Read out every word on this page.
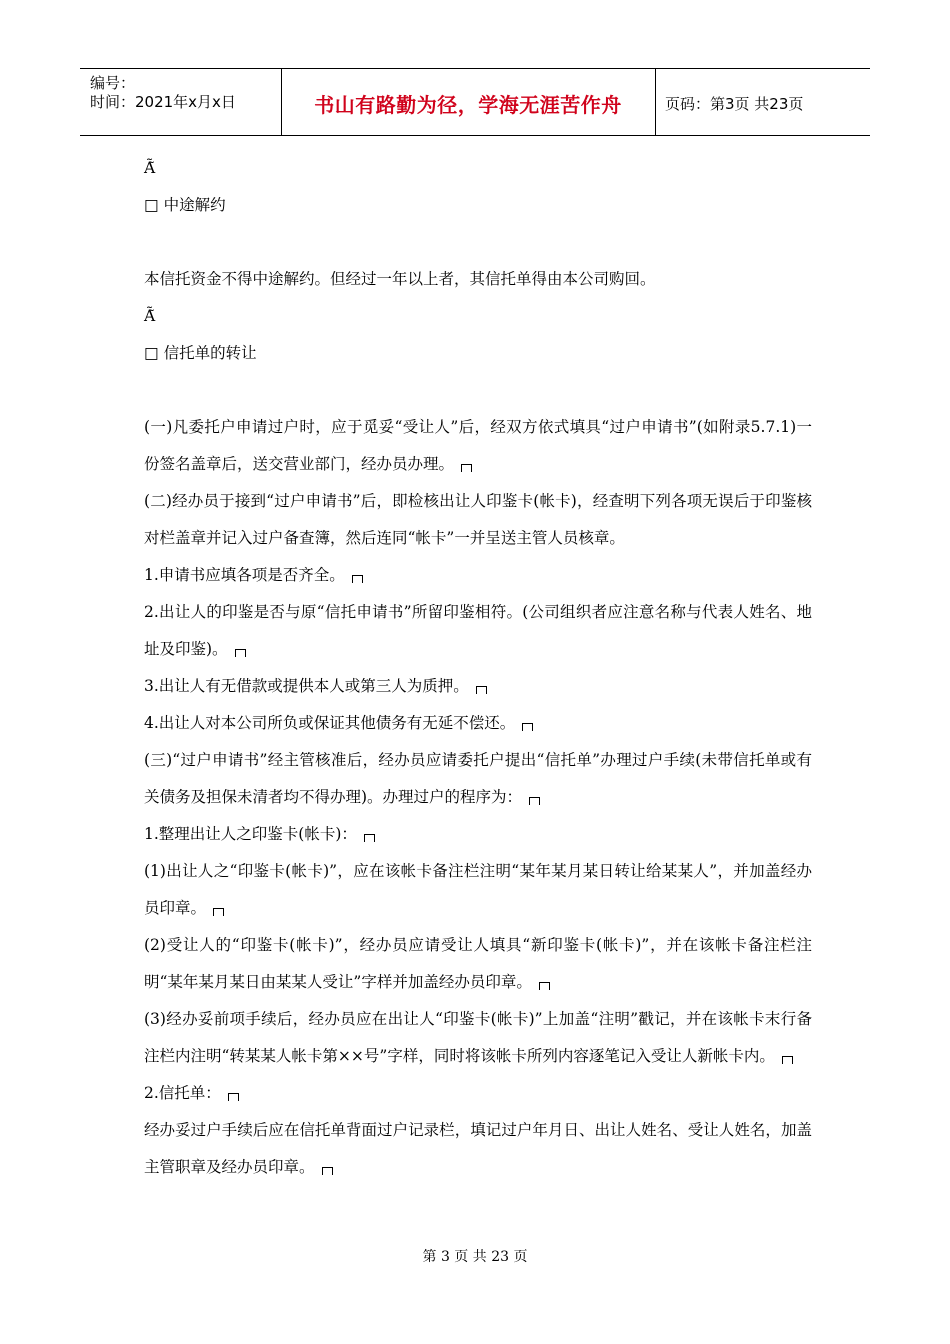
编号：
时间：2021年x月x日	书山有路勤为径，学海无涯苦作舟	页码：第3页 共23页
Ã̃
□ 中途解约
本信托资金不得中途解约。但经过一年以上者，其信托单得由本公司购回。
Ã̃
□ 信托单的转让
(一)凡委托户申请过户时，应于觅妥“受让人”后，经双方依式填具“过户申请书”(如附录5.7.1)一份签名盖章后，送交营业部门，经办员办理。
(二)经办员于接到“过户申请书”后，即检核出让人印鉴卡(帐卡)，经查明下列各项无误后于印鉴核对栏盖章并记入过户备查簿，然后连同“帐卡”一并呈送主管人员核章。
1.申请书应填各项是否齐全。
2.出让人的印鉴是否与原“信托申请书”所留印鉴相符。(公司组织者应注意名称与代表人姓名、地址及印鉴)。
3.出让人有无借款或提供本人或第三人为质押。
4.出让人对本公司所负或保证其他债务有无延不偿还。
(三)“过户申请书”经主管核准后，经办员应请委托户提出“信托单”办理过户手续(未带信托单或有关债务及担保未清者均不得办理)。办理过户的程序为：
1.整理出让人之印鉴卡(帐卡)：
(1)出让人之“印鉴卡(帐卡)”，应在该帐卡备注栏注明“某年某月某日转让给某某人”，并加盖经办员印章。
(2)受让人的“印鉴卡(帐卡)”，经办员应请受让人填具“新印鉴卡(帐卡)”，并在该帐卡备注栏注明“某年某月某日由某某人受让”字样并加盖经办员印章。
(3)经办妥前项手续后，经办员应在出让人“印鉴卡(帐卡)”上加盖“注明”戳记，并在该帐卡末行备注栏内注明“转某某人帐卡第××号”字样，同时将该帐卡所列内容逐笔记入受让人新帐卡内。
2.信托单：
经办妥过户手续后应在信托单背面过户记录栏，填记过户年月日、出让人姓名、受让人姓名，加盖主管职章及经办员印章。
第 3 页 共 23 页
